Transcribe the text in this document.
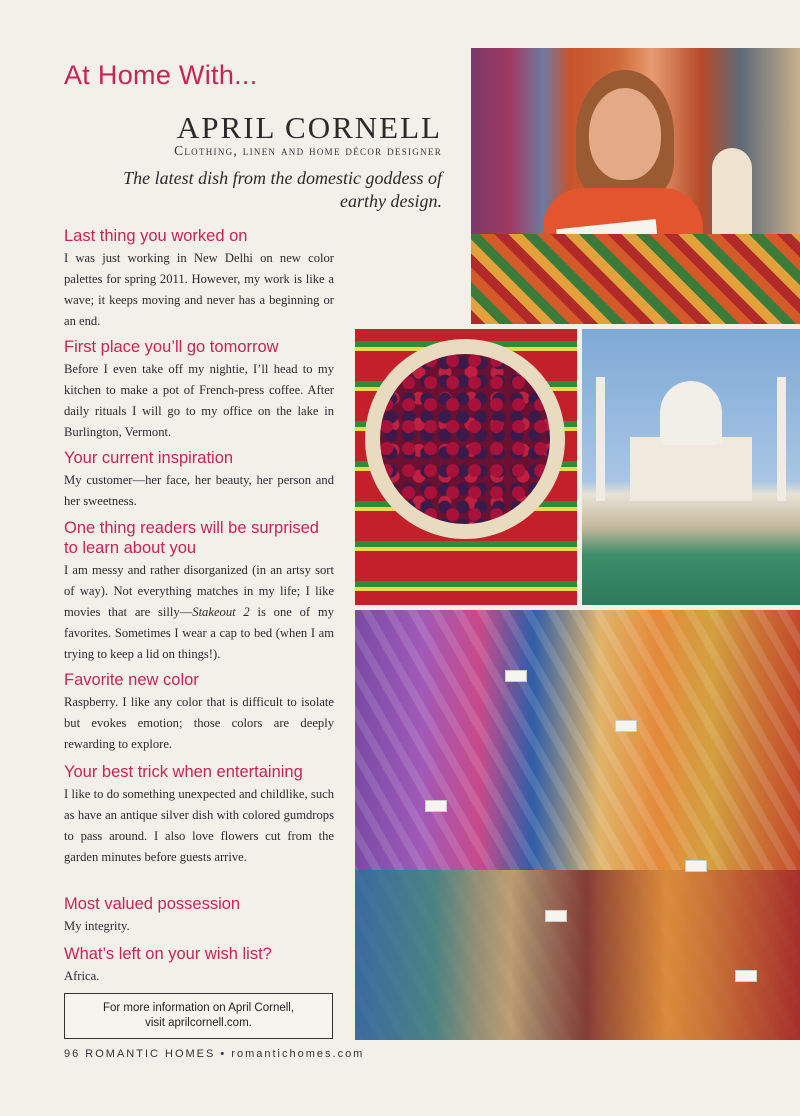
At Home With...
APRIL CORNELL
Clothing, linen and home décor designer
The latest dish from the domestic goddess of earthy design.
Last thing you worked on

I was just working in New Delhi on new color palettes for spring 2011. However, my work is like a wave; it keeps moving and never has a beginning or an end.

First place you’ll go tomorrow

Before I even take off my nightie, I’ll head to my kitchen to make a pot of French-press coffee. After daily rituals I will go to my office on the lake in Burlington, Vermont.

Your current inspiration

My customer—her face, her beauty, her person and her sweetness.

One thing readers will be surprised to learn about you

I am messy and rather disorganized (in an artsy sort of way). Not everything matches in my life; I like movies that are silly—Stakeout 2 is one of my favorites. Sometimes I wear a cap to bed (when I am trying to keep a lid on things!).

Favorite new color

Raspberry. I like any color that is difficult to isolate but evokes emotion; those colors are deeply rewarding to explore.

Your best trick when entertaining

I like to do something unexpected and childlike, such as have an antique silver dish with colored gumdrops to pass around. I also love flowers cut from the garden minutes before guests arrive.

Most valued possession

My integrity.

What’s left on your wish list?

Africa.

For more information on April Cornell,
visit aprilcornell.com.
96 ROMANTIC HOMES • romantichomes.com
